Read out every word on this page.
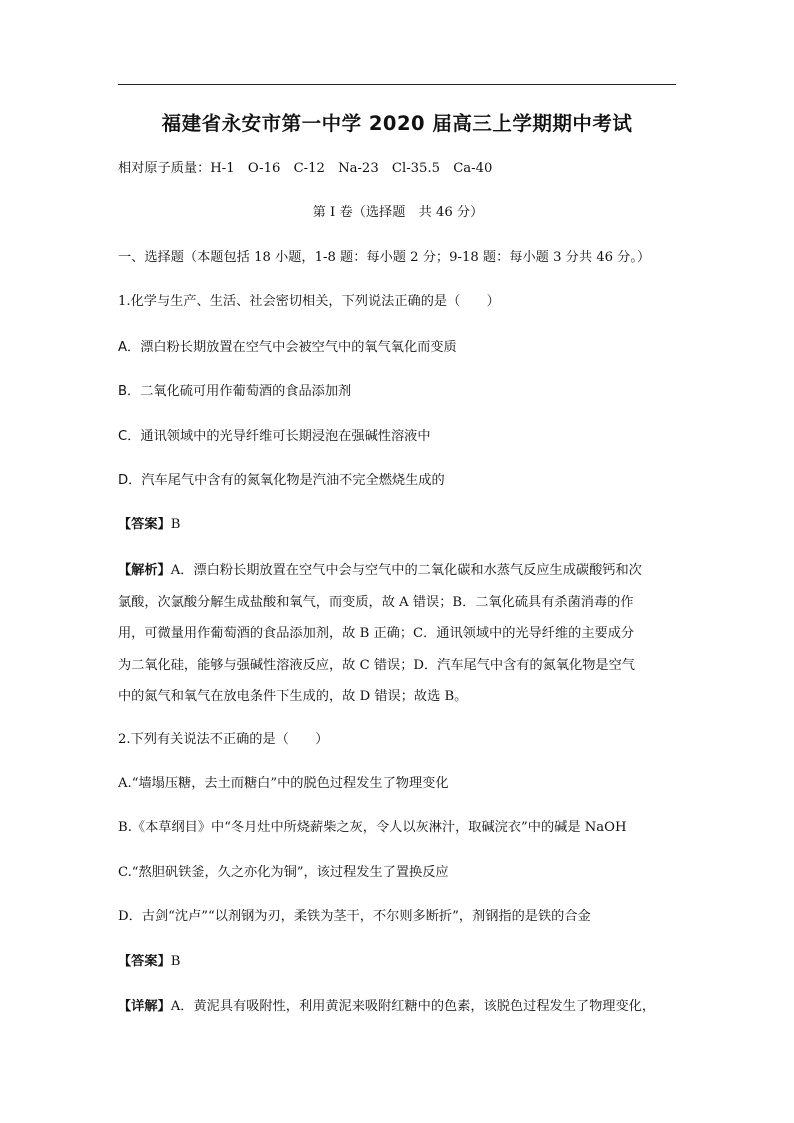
福建省永安市第一中学 2020 届高三上学期期中考试
相对原子质量：H-1　O-16　C-12　Na-23　Cl-35.5　Ca-40
第 I 卷（选择题　共 46 分）
一、选择题（本题包括 18 小题，1-8 题：每小题 2 分；9-18 题：每小题 3 分共 46 分。）
1.化学与生产、生活、社会密切相关，下列说法正确的是（　　）
A．漂白粉长期放置在空气中会被空气中的氧气氧化而变质
B．二氧化硫可用作葡萄酒的食品添加剂
C．通讯领域中的光导纤维可长期浸泡在强碱性溶液中
D．汽车尾气中含有的氮氧化物是汽油不完全燃烧生成的
【答案】B
【解析】A．漂白粉长期放置在空气中会与空气中的二氧化碳和水蒸气反应生成碳酸钙和次
氯酸，次氯酸分解生成盐酸和氧气，而变质，故 A 错误；B．二氧化硫具有杀菌消毒的作
用，可微量用作葡萄酒的食品添加剂，故 B 正确；C．通讯领域中的光导纤维的主要成分
为二氧化硅，能够与强碱性溶液反应，故 C 错误；D．汽车尾气中含有的氮氧化物是空气
中的氮气和氧气在放电条件下生成的，故 D 错误；故选 B。
2.下列有关说法不正确的是（　　）
A.“墙塌压糖，去土而糖白”中的脱色过程发生了物理变化
B.《本草纲目》中“冬月灶中所烧薪柴之灰，令人以灰淋汁，取碱浣衣”中的碱是 NaOH
C.“熬胆矾铁釜，久之亦化为铜”，该过程发生了置换反应
D．古剑“沈卢”“以剂钢为刃，柔铁为茎干，不尔则多断折”，剂钢指的是铁的合金
【答案】B
【详解】A．黄泥具有吸附性，利用黄泥来吸附红糖中的色素，该脱色过程发生了物理变化，
